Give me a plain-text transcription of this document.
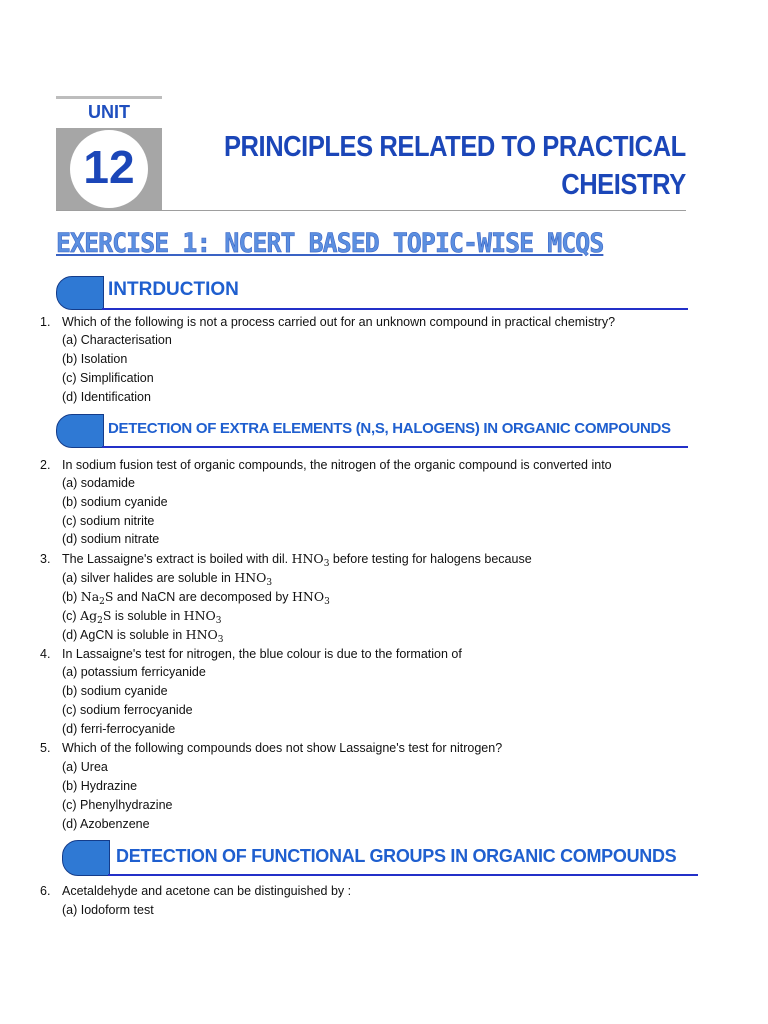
UNIT
12	PRINCIPLES RELATED TO PRACTICAL
CHEISTRY
EXERCISE 1: NCERT BASED TOPIC-WISE MCQS
INTRDUCTION
1. Which of the following is not a process carried out for an unknown compound in practical chemistry?
(a) Characterisation
(b) Isolation
(c) Simplification
(d) Identification
DETECTION OF EXTRA ELEMENTS (N,S, HALOGENS) IN ORGANIC COMPOUNDS
2. In sodium fusion test of organic compounds, the nitrogen of the organic compound is converted into
(a) sodamide
(b) sodium cyanide
(c) sodium nitrite
(d) sodium nitrate
3. The Lassaigne's extract is boiled with dil. $HNO_3$ before testing for halogens because
(a) silver halides are soluble in $HNO_3$
(b) $Na_2S$ and NaCN are decomposed by $HNO_3$
(c) $Ag_2S$ is soluble in $HNO_3$
(d) AgCN is soluble in $HNO_3$
4. In Lassaigne's test for nitrogen, the blue colour is due to the formation of
(a) potassium ferricyanide
(b) sodium cyanide
(c) sodium ferrocyanide
(d) ferri-ferrocyanide
5. Which of the following compounds does not show Lassaigne's test for nitrogen?
(a) Urea
(b) Hydrazine
(c) Phenylhydrazine
(d) Azobenzene
DETECTION OF FUNCTIONAL GROUPS IN ORGANIC COMPOUNDS
6. Acetaldehyde and acetone can be distinguished by :
(a) Iodoform test
